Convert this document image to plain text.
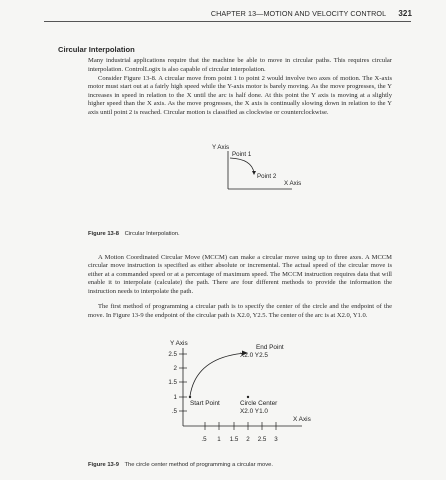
CHAPTER 13—MOTION AND VELOCITY CONTROL 321
Circular Interpolation

Many industrial applications require that the machine be able to move in circular paths. This requires circular interpolation. ControlLogix is also capable of circular interpolation.

Consider Figure 13-8. A circular move from point 1 to point 2 would involve two axes of motion. The X-axis motor must start out at a fairly high speed while the Y-axis motor is barely moving. As the move progresses, the Y increases in speed in relation to the X until the arc is half done. At this point the Y axis is moving at a slightly higher speed than the X axis. As the move progresses, the X axis is continually slowing down in relation to the Y axis until point 2 is reached. Circular motion is classified as clockwise or counterclockwise.

Y Axis
Point 1
Point 2
X Axis
Figure 13-8 Circular Interpolation.

A Motion Coordinated Circular Move (MCCM) can make a circular move using up to three axes. A MCCM circular move instruction is specified as either absolute or incremental. The actual speed of the circular move is either at a commanded speed or at a percentage of maximum speed. The MCCM instruction requires data that will enable it to interpolate (calculate) the path. There are four different methods to provide the information the instruction needs to interpolate the path.

The first method of programming a circular path is to specify the center of the circle and the endpoint of the move. In Figure 13-9 the endpoint of the circular path is X2.0, Y2.5. The center of the arc is at X2.0, Y1.0.

Y Axis
2.5
2
1.5
1
.5
.5 1 1.5 2 2.5 3
End Point
X2.0 Y2.5
Start Point	Circle Center
X2.0 Y1.0
X Axis
Figure 13-9 The circle center method of programming a circular move.
